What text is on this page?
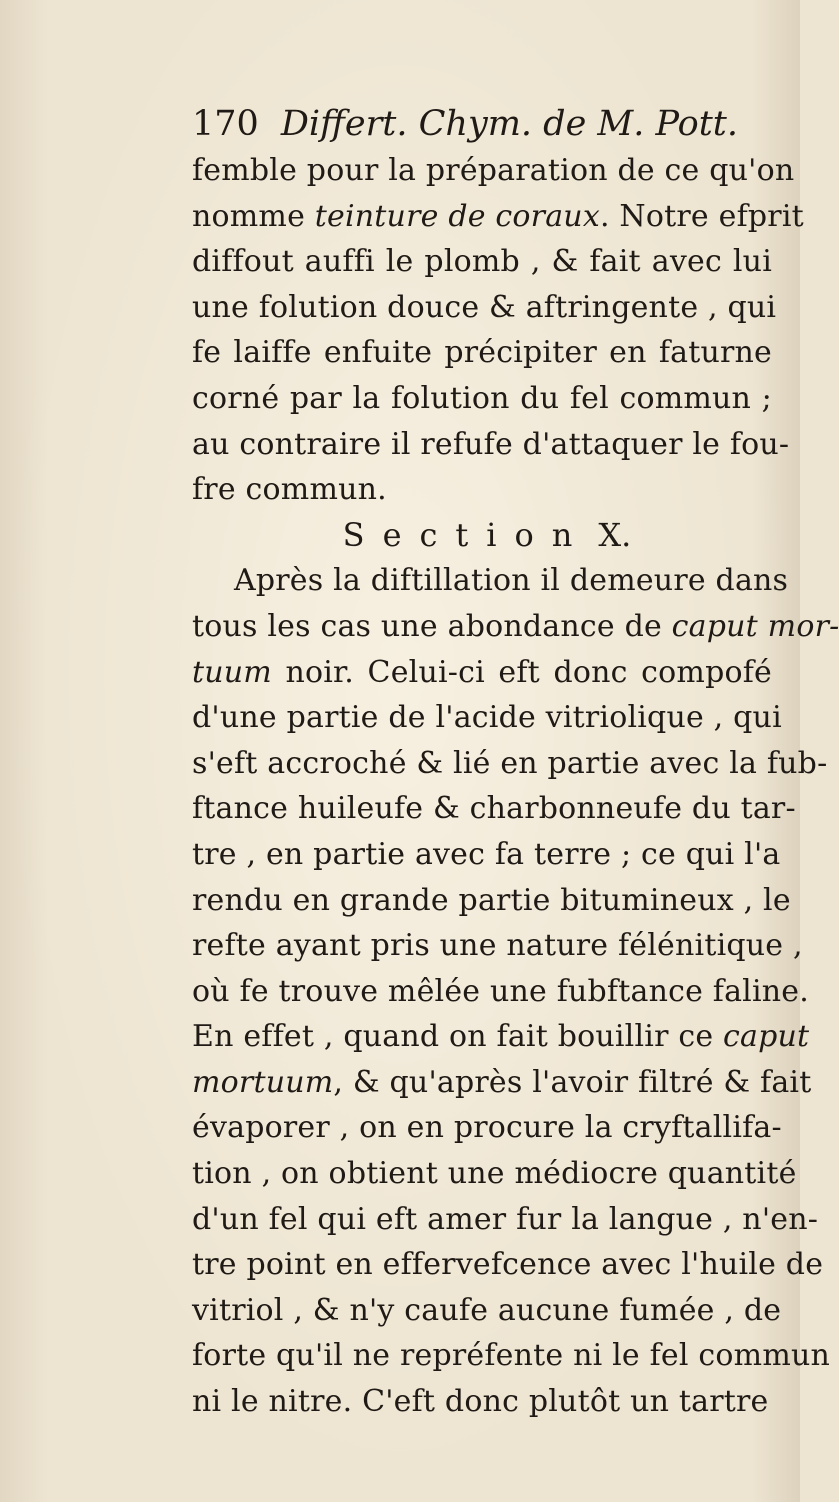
170 Differt. Chym. de M. Pott.
femble pour la préparation de ce qu'on
nomme teinture de coraux. Notre efprit
diffout auffi le plomb , & fait avec lui
une folution douce & aftringente , qui
fe laiffe enfuite précipiter en faturne
corné par la folution du fel commun ;
au contraire il refufe d'attaquer le fou-
fre commun.
Section X.
Après la diftillation il demeure dans
tous les cas une abondance de caput mor-
tuum noir. Celui-ci eft donc compofé
d'une partie de l'acide vitriolique , qui
s'eft accroché & lié en partie avec la fub-
ftance huileufe & charbonneufe du tar-
tre , en partie avec fa terre ; ce qui l'a
rendu en grande partie bitumineux , le
refte ayant pris une nature félénitique ,
où fe trouve mêlée une fubftance faline.
En effet , quand on fait bouillir ce caput
mortuum, & qu'après l'avoir filtré & fait
évaporer , on en procure la cryftallifa-
tion , on obtient une médiocre quantité
d'un fel qui eft amer fur la langue , n'en-
tre point en effervefcence avec l'huile de
vitriol , & n'y caufe aucune fumée , de
forte qu'il ne repréfente ni le fel commun
ni le nitre. C'eft donc plutôt un tartre
